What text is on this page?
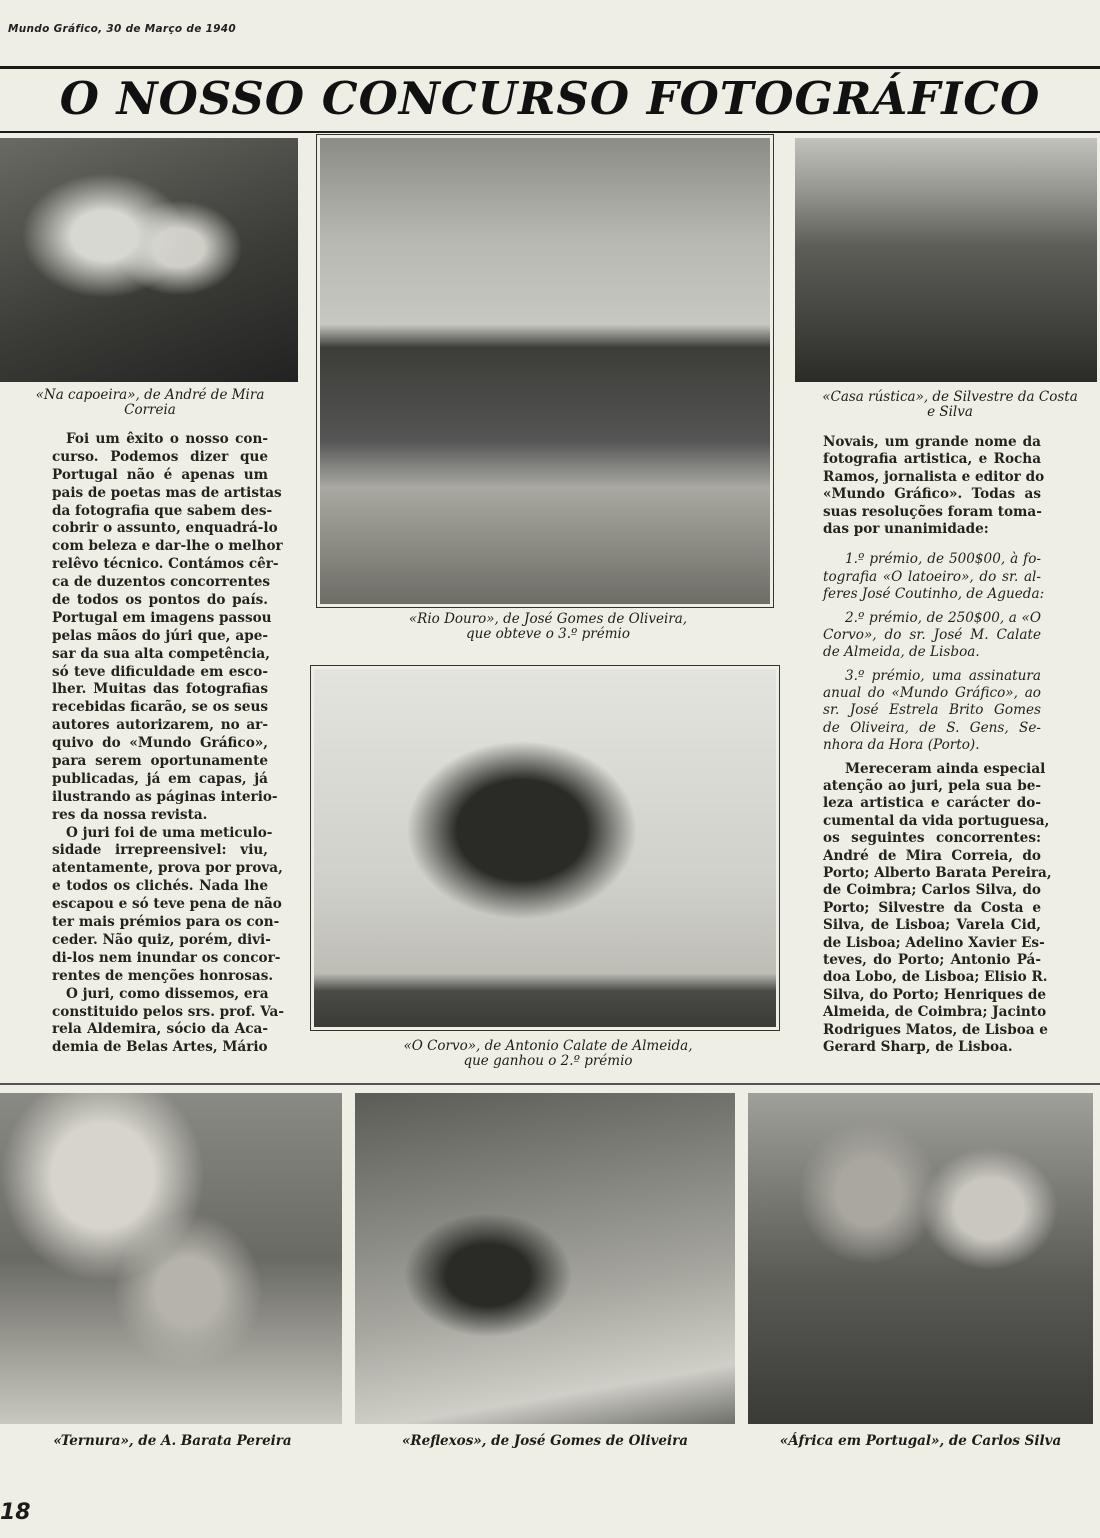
Mundo Gráfico, 30 de Março de 1940
O NOSSO CONCURSO FOTOGRÁFICO
«Na capoeira», de André de Mira
Correia
«Rio Douro», de José Gomes de Oliveira,
que obteve o 3.º prémio
«Casa rústica», de Silvestre da Costa
e Silva
«O Corvo», de Antonio Calate de Almeida,
que ganhou o 2.º prémio
Foi um êxito o nosso con-
curso. Podemos dizer que
Portugal não é apenas um
pais de poetas mas de artistas
da fotografia que sabem des-
cobrir o assunto, enquadrá-lo
com beleza e dar-lhe o melhor
relêvo técnico. Contámos cêr-
ca de duzentos concorrentes
de todos os pontos do país.
Portugal em imagens passou
pelas mãos do júri que, ape-
sar da sua alta competência,
só teve dificuldade em esco-
lher. Muitas das fotografias
recebidas ficarão, se os seus
autores autorizarem, no ar-
quivo do «Mundo Gráfico»,
para serem oportunamente
publicadas, já em capas, já
ilustrando as páginas interio-
res da nossa revista.
O juri foi de uma meticulo-
sidade irrepreensivel: viu,
atentamente, prova por prova,
e todos os clichés. Nada lhe
escapou e só teve pena de não
ter mais prémios para os con-
ceder. Não quiz, porém, divi-
di-los nem inundar os concor-
rentes de menções honrosas.
O juri, como dissemos, era
constituido pelos srs. prof. Va-
rela Aldemira, sócio da Aca-
demia de Belas Artes, Mário

Novais, um grande nome da
fotografia artistica, e Rocha
Ramos, jornalista e editor do
«Mundo Gráfico». Todas as
suas resoluções foram toma-
das por unanimidade:

1.º prémio, de 500$00, à fo-
tografia «O latoeiro», do sr. al-
feres José Coutinho, de Agueda:

2.º prémio, de 250$00, a «O
Corvo», do sr. José M. Calate
de Almeida, de Lisboa.

3.º prémio, uma assinatura
anual do «Mundo Gráfico», ao
sr. José Estrela Brito Gomes
de Oliveira, de S. Gens, Se-
nhora da Hora (Porto).

Mereceram ainda especial
atenção ao juri, pela sua be-
leza artistica e carácter do-
cumental da vida portuguesa,
os seguintes concorrentes:
André de Mira Correia, do
Porto; Alberto Barata Pereira,
de Coimbra; Carlos Silva, do
Porto; Silvestre da Costa e
Silva, de Lisboa; Varela Cid,
de Lisboa; Adelino Xavier Es-
teves, do Porto; Antonio Pá-
doa Lobo, de Lisboa; Elisio R.
Silva, do Porto; Henriques de
Almeida, de Coimbra; Jacinto
Rodrigues Matos, de Lisboa e
Gerard Sharp, de Lisboa.

«Ternura», de A. Barata Pereira	«Reflexos», de José Gomes de Oliveira	«África em Portugal», de Carlos Silva
18
